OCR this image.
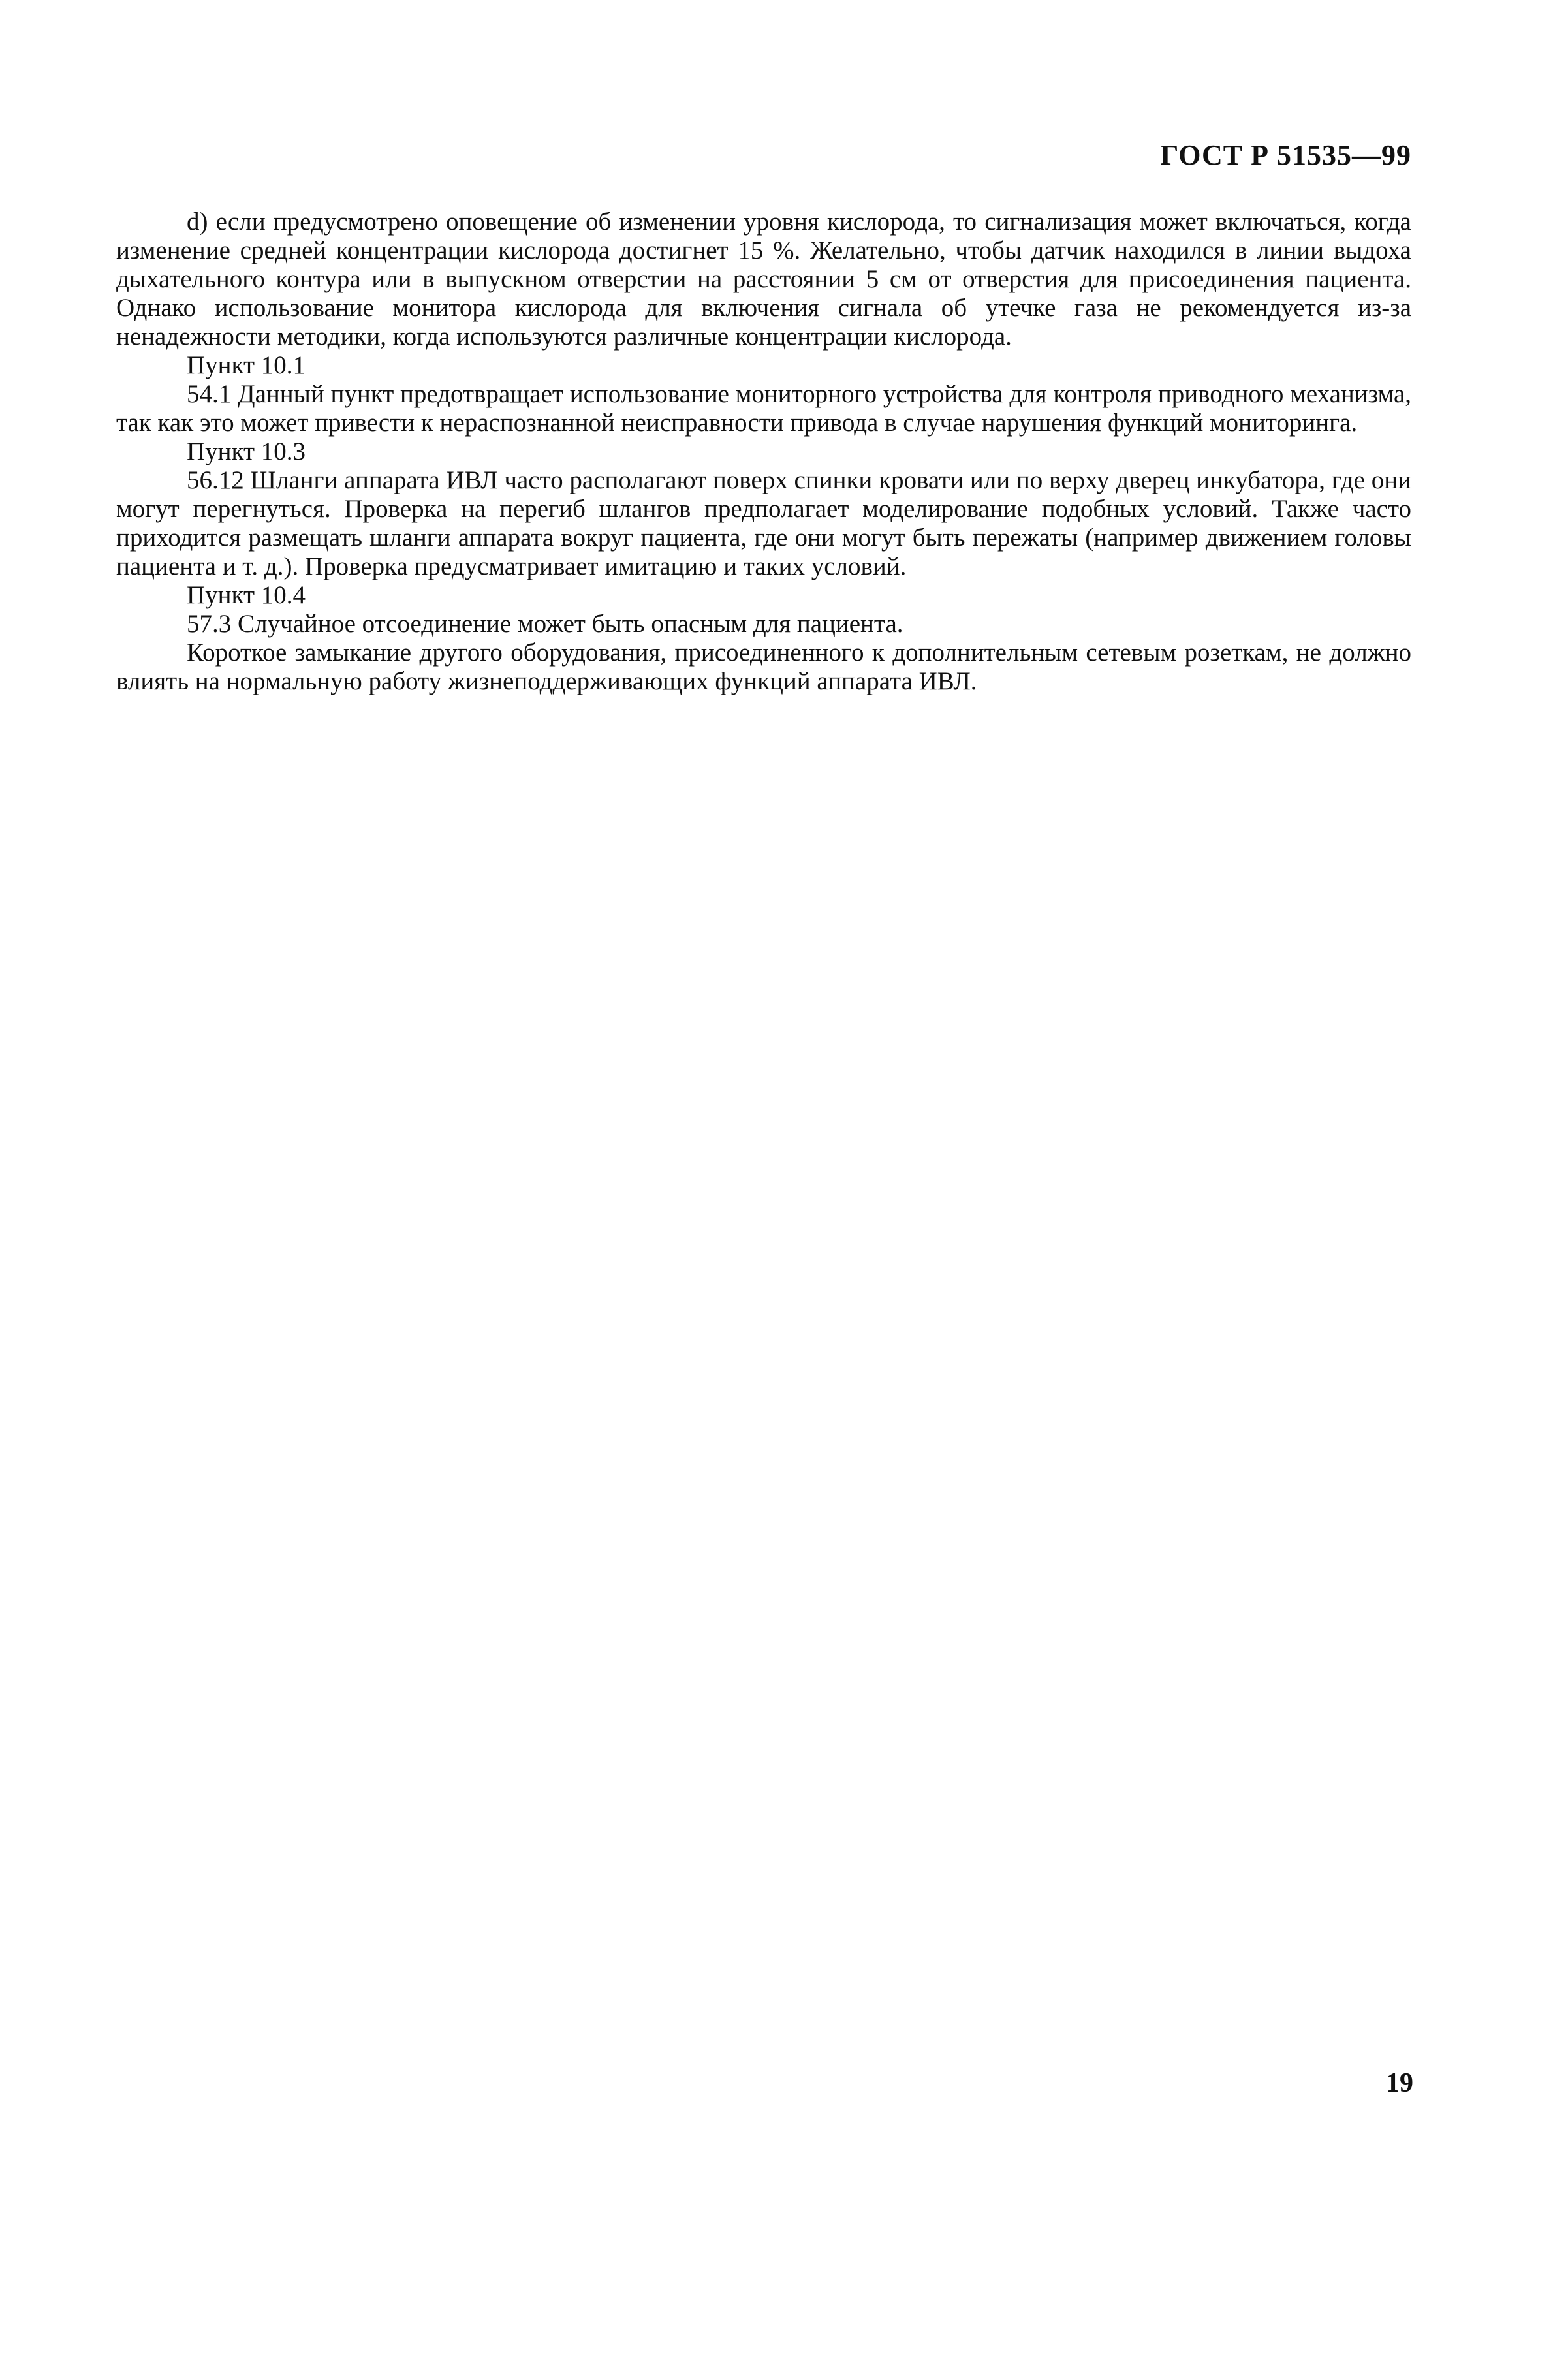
ГОСТ Р 51535—99

d) если предусмотрено оповещение об изменении уровня кислорода, то сигнализация может включаться, когда изменение средней концентрации кислорода достигнет 15 %. Желательно, чтобы датчик находился в линии выдоха дыхательного контура или в выпускном отверстии на расстоянии 5 см от отверстия для присоединения пациента. Однако использование монитора кислорода для включения сигнала об утечке газа не рекомендуется из-за ненадежности методики, когда используются различные концентрации кислорода.

Пункт 10.1

54.1 Данный пункт предотвращает использование мониторного устройства для контроля приводного механизма, так как это может привести к нераспознанной неисправности привода в случае нарушения функций мониторинга.

Пункт 10.3

56.12 Шланги аппарата ИВЛ часто располагают поверх спинки кровати или по верху дверец инкубатора, где они могут перегнуться. Проверка на перегиб шлангов предполагает моделирование подобных условий. Также часто приходится размещать шланги аппарата вокруг пациента, где они могут быть пережаты (например движением головы пациента и т. д.). Проверка предусматривает имитацию и таких условий.

Пункт 10.4

57.3 Случайное отсоединение может быть опасным для пациента.

Короткое замыкание другого оборудования, присоединенного к дополнительным сетевым розеткам, не должно влиять на нормальную работу жизнеподдерживающих функций аппарата ИВЛ.

19
